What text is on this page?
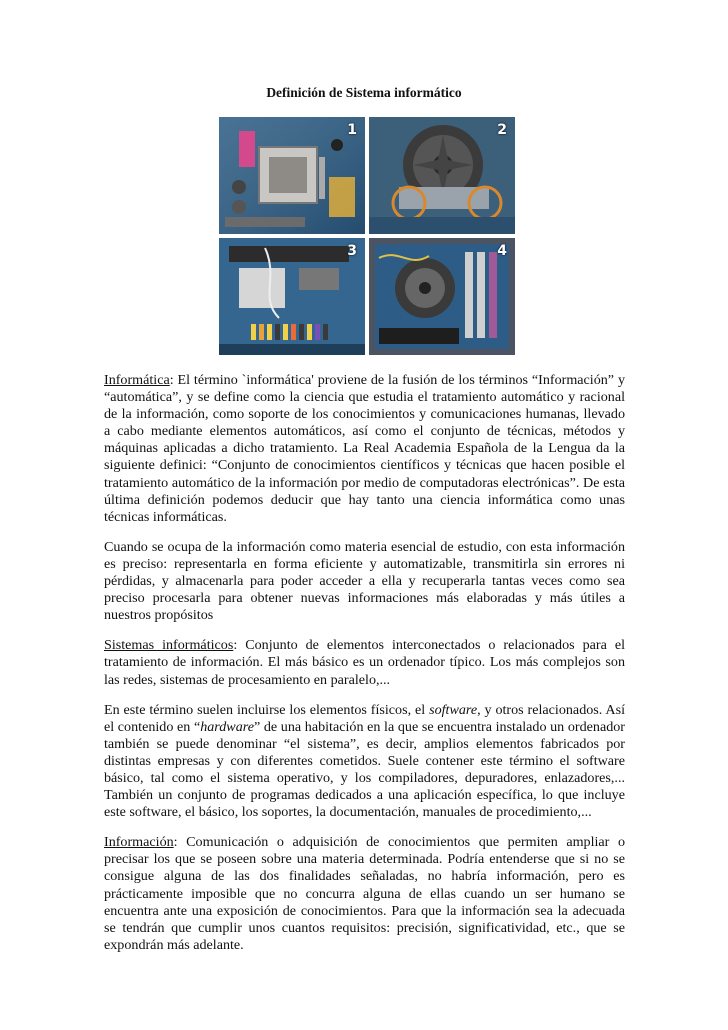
Definición de Sistema informático
1	2
3	4

Informática: El término `informática' proviene de la fusión de los términos “Información” y “automática”, y se define como la ciencia que estudia el tratamiento automático y racional de la información, como soporte de los conocimientos y comunicaciones humanas, llevado a cabo mediante elementos automáticos, así como el conjunto de técnicas, métodos y máquinas aplicadas a dicho tratamiento. La Real Academia Española de la Lengua da la siguiente definici: “Conjunto de conocimientos científicos y técnicas que hacen posible el tratamiento automático de la información por medio de computadoras electrónicas”. De esta última definición podemos deducir que hay tanto una ciencia informática como unas técnicas informáticas.

Cuando se ocupa de la información como materia esencial de estudio, con esta información es preciso: representarla en forma eficiente y automatizable, transmitirla sin errores ni pérdidas, y almacenarla para poder acceder a ella y recuperarla tantas veces como sea preciso procesarla para obtener nuevas informaciones más elaboradas y más útiles a nuestros propósitos

Sistemas informáticos: Conjunto de elementos interconectados o relacionados para el tratamiento de información. El más básico es un ordenador típico. Los más complejos son las redes, sistemas de procesamiento en paralelo,...

En este término suelen incluirse los elementos físicos, el software, y otros relacionados. Así el contenido en “hardware” de una habitación en la que se encuentra instalado un ordenador también se puede denominar “el sistema”, es decir, amplios elementos fabricados por distintas empresas y con diferentes cometidos. Suele contener este término el software básico, tal como el sistema operativo, y los compiladores, depuradores, enlazadores,... También un conjunto de programas dedicados a una aplicación específica, lo que incluye este software, el básico, los soportes, la documentación, manuales de procedimiento,...

Información: Comunicación o adquisición de conocimientos que permiten ampliar o precisar los que se poseen sobre una materia determinada. Podría entenderse que si no se consigue alguna de las dos finalidades señaladas, no habría información, pero es prácticamente imposible que no concurra alguna de ellas cuando un ser humano se encuentra ante una exposición de conocimientos. Para que la información sea la adecuada se tendrán que cumplir unos cuantos requisitos: precisión, significatividad, etc., que se expondrán más adelante.
